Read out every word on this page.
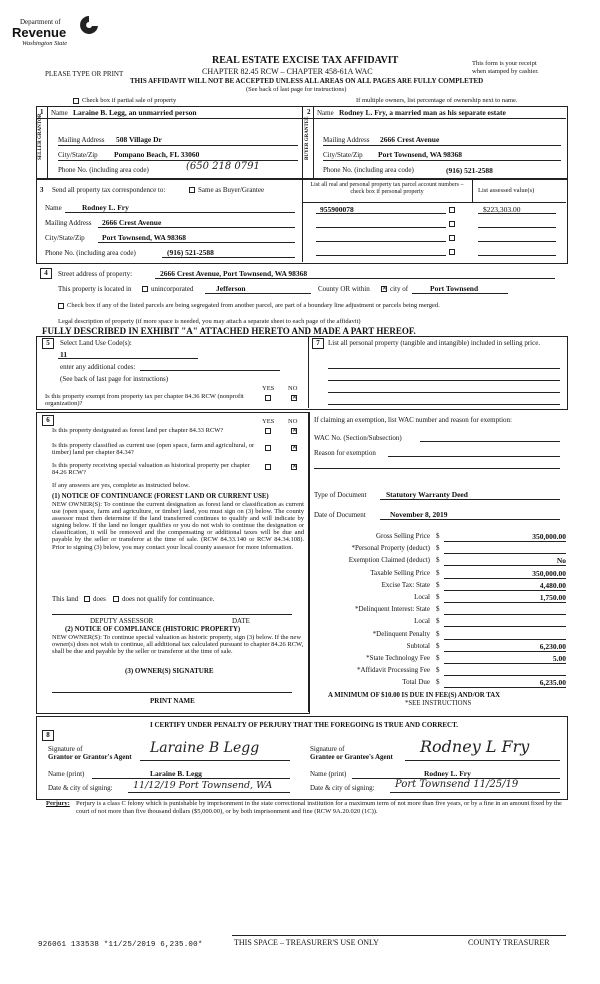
Department of
Revenue
Washington State
REAL ESTATE EXCISE TAX AFFIDAVIT
CHAPTER 82.45 RCW – CHAPTER 458-61A WAC
PLEASE TYPE OR PRINT
This form is your receipt
when stamped by cashier.
THIS AFFIDAVIT WILL NOT BE ACCEPTED UNLESS ALL AREAS ON ALL PAGES ARE FULLY COMPLETED
(See back of last page for instructions)
Check box if partial sale of property	If multiple owners, list percentage of ownership next to name.
1	2
Name Laraine B. Legg, an unmarried person
SELLER GRANTOR Mailing Address 508 Village Dr
City/State/Zip Pompano Beach, FL 33060
Phone No. (including area code)	(650 218 0791
Name Rodney L. Fry, a married man as his separate estate
BUYER GRANTEE Mailing Address 2666 Crest Avenue
City/State/Zip Port Townsend, WA 98368
Phone No. (including area code)	(916) 521-2588
3 Send all property tax correspondence to:	Same as Buyer/Grantee
Name	Rodney L. Fry
Mailing Address 2666 Crest Avenue
City/State/Zip Port Townsend, WA 98368
Phone No. (including area code)	(916) 521-2588
List all real and personal property tax parcel account numbers – check box if personal property	List assessed value(s)
955900078	$223,303.00
4	Street address of property:	2666 Crest Avenue, Port Townsend, WA 98368
This property is located in	unincorporated	Jefferson	County OR within
✕	city of	Port Townsend
Check box if any of the listed parcels are being segregated from another parcel, are part of a boundary line adjustment or parcels being merged.
Legal description of property (if more space is needed, you may attach a separate sheet to each page of the affidavit)
FULLY DESCRIBED IN EXHIBIT "A" ATTACHED HERETO AND MADE A PART HEREOF.
5	Select Land Use Code(s):
11
enter any additional codes:
(See back of last page for instructions)
YES NO
Is this property exempt from property tax per chapter 84.36 RCW (nonprofit organization)?
✕
7	List all personal property (tangible and intangible) included in selling price.
6	YES NO
Is this property designated as forest land per chapter 84.33 RCW?
✕
Is this property classified as current use (open space, farm and agricultural, or timber) land per chapter 84.34?
✕
Is this property receiving special valuation as historical property per chapter 84.26 RCW?
✕
If any answers are yes, complete as instructed below.
(1) NOTICE OF CONTINUANCE (FOREST LAND OR CURRENT USE)
NEW OWNER(S): To continue the current designation as forest land or classification as current use (open space, farm and agriculture, or timber) land, you must sign on (3) below. The county assessor must then determine if the land transferred continues to qualify and will indicate by signing below. If the land no longer qualifies or you do not wish to continue the designation or classification, it will be removed and the compensating or additional taxes will be due and payable by the seller or transferor at the time of sale. (RCW 84.33.140 or RCW 84.34.108). Prior to signing (3) below, you may contact your local county assessor for more information.
This land does does not qualify for continuance.
DEPUTY ASSESSOR	DATE
(2) NOTICE OF COMPLIANCE (HISTORIC PROPERTY)
NEW OWNER(S): To continue special valuation as historic property, sign (3) below. If the new owner(s) does not wish to continue, all additional tax calculated pursuant to chapter 84.26 RCW, shall be due and payable by the seller or transferor at the time of sale.
(3) OWNER(S) SIGNATURE
PRINT NAME
If claiming an exemption, list WAC number and reason for exemption:
WAC No. (Section/Subsection)
Reason for exemption
Type of Document	Statutory Warranty Deed
Date of Document	November 8, 2019
Gross Selling Price $	350,000.00
*Personal Property (deduct) $
Exemption Claimed (deduct) $	No
Taxable Selling Price $	350,000.00
Excise Tax: State $	4,480.00
Local $	1,750.00
*Delinquent Interest: State $
Local $
*Delinquent Penalty $
Subtotal $	6,230.00
*State Technology Fee $	5.00
*Affidavit Processing Fee $
Total Due $	6,235.00
A MINIMUM OF $10.00 IS DUE IN FEE(S) AND/OR TAX
*SEE INSTRUCTIONS
8
I CERTIFY UNDER PENALTY OF PERJURY THAT THE FOREGOING IS TRUE AND CORRECT.
Signature of
Grantor or Grantor's Agent
Laraine B Legg
Name (print)	Laraine B. Legg
Date & city of signing: 11/12/19 Port Townsend, WA
Signature of
Grantee or Grantee's Agent
Rodney L Fry
Name (print)	Rodney L. Fry
Date & city of signing: Port Townsend 11/25/19
Perjury: Perjury is a class C felony which is punishable by imprisonment in the state correctional institution for a maximum term of not more than five years, or by a fine in an amount fixed by the court of not more than five thousand dollars ($5,000.00), or by both imprisonment and fine (RCW 9A.20.020 (1C)).
926061 133538 *11/25/2019 6,235.00*	THIS SPACE – TREASURER'S USE ONLY	COUNTY TREASURER
